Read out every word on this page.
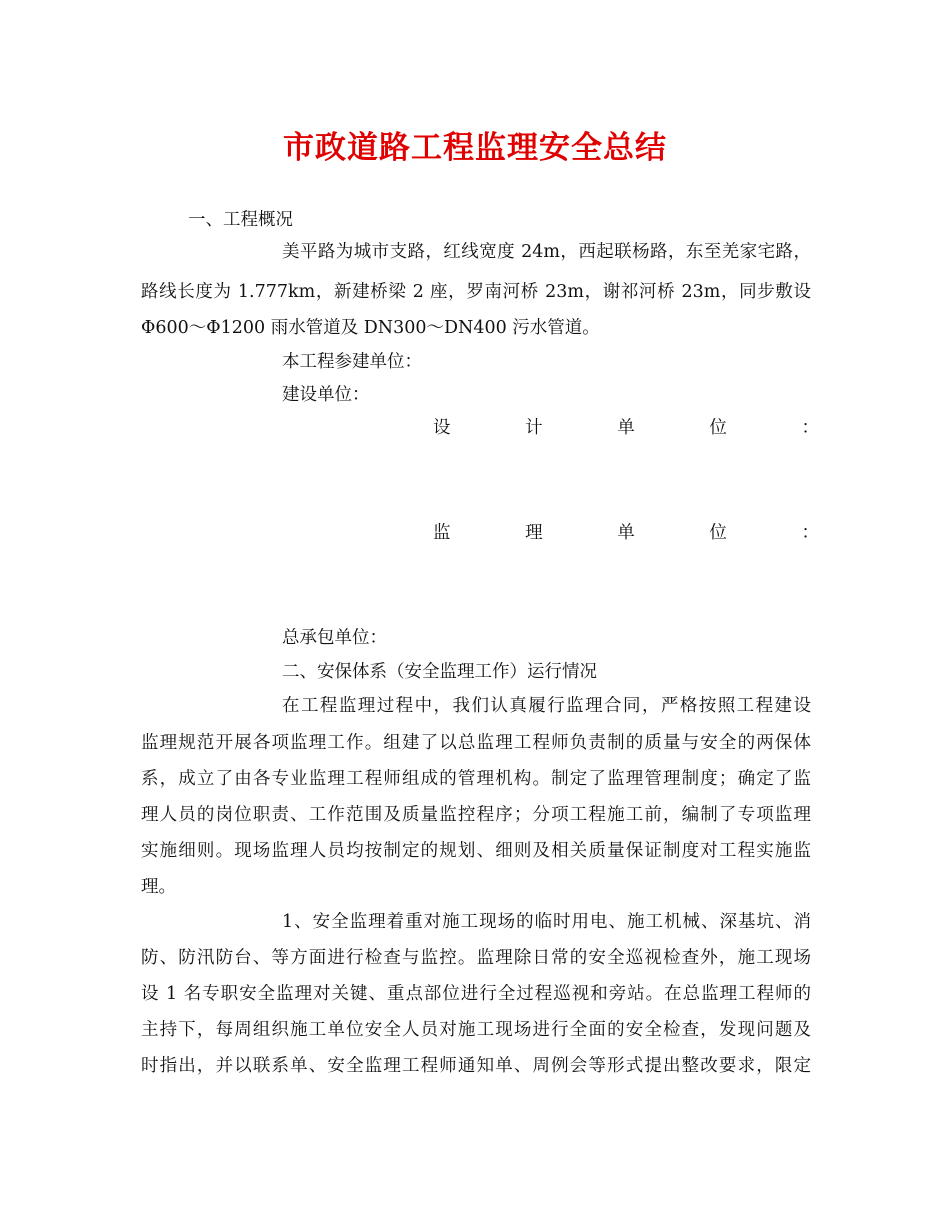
市政道路工程监理安全总结
一、工程概况
美平路为城市支路，红线宽度 24m，西起联杨路，东至羌家宅路，
路线长度为 1.777km，新建桥梁 2 座，罗南河桥 23m，谢祁河桥 23m，同步敷设
Φ600～Φ1200 雨水管道及 DN300～DN400 污水管道。
本工程参建单位：
建设单位：
设	计	单	位	：
监	理	单	位	：
总承包单位：
二、安保体系（安全监理工作）运行情况
在工程监理过程中，我们认真履行监理合同，严格按照工程建设
监理规范开展各项监理工作。组建了以总监理工程师负责制的质量与安全的两保体
系，成立了由各专业监理工程师组成的管理机构。制定了监理管理制度；确定了监
理人员的岗位职责、工作范围及质量监控程序；分项工程施工前，编制了专项监理
实施细则。现场监理人员均按制定的规划、细则及相关质量保证制度对工程实施监
理。
1、安全监理着重对施工现场的临时用电、施工机械、深基坑、消
防、防汛防台、等方面进行检查与监控。监理除日常的安全巡视检查外，施工现场
设 1 名专职安全监理对关键、重点部位进行全过程巡视和旁站。在总监理工程师的
主持下，每周组织施工单位安全人员对施工现场进行全面的安全检查，发现问题及
时指出，并以联系单、安全监理工程师通知单、周例会等形式提出整改要求，限定
